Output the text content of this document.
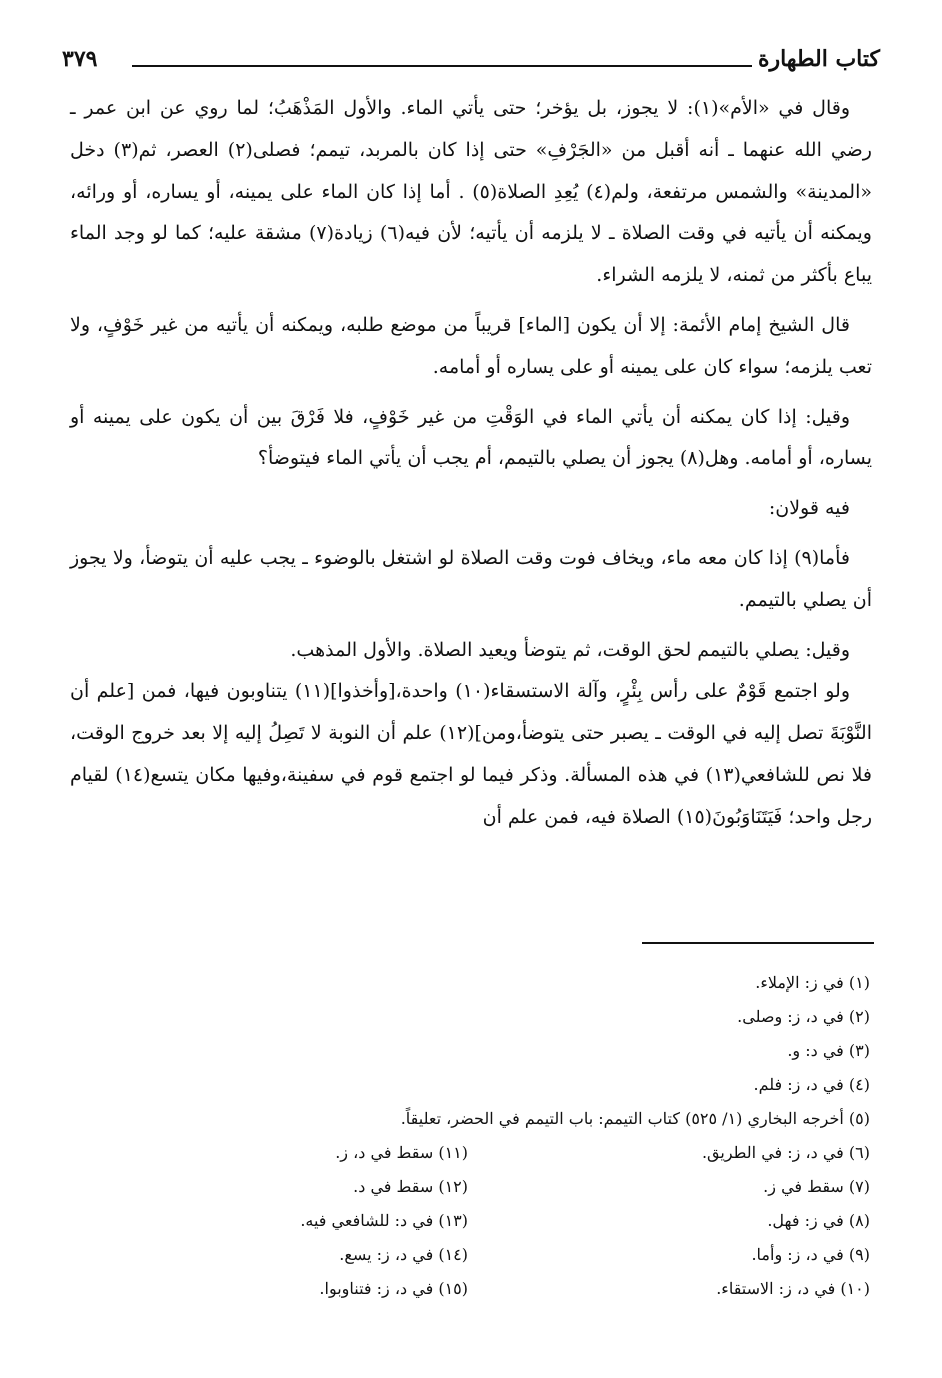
كتاب الطهارة
٣٧٩

وقال في «الأم»(١): لا يجوز، بل يؤخر؛ حتى يأتي الماء. والأول المَذْهَبُ؛ لما روي عن ابن عمر ـ رضي الله عنهما ـ أنه أقبل من «الجَرْفِ» حتى إذا كان بالمربد، تيمم؛ فصلى(٢) العصر، ثم(٣) دخل «المدينة» والشمس مرتفعة، ولم(٤) يُعِدِ الصلاة(٥) . أما إذا كان الماء على يمينه، أو يساره، أو ورائه، ويمكنه أن يأتيه في وقت الصلاة ـ لا يلزمه أن يأتيه؛ لأن فيه(٦) زيادة(٧) مشقة عليه؛ كما لو وجد الماء يباع بأكثر من ثمنه، لا يلزمه الشراء.

قال الشيخ إمام الأئمة: إلا أن يكون [الماء] قريباً من موضع طلبه، ويمكنه أن يأتيه من غير خَوْفٍ، ولا تعب يلزمه؛ سواء كان على يمينه أو على يساره أو أمامه.

وقيل: إذا كان يمكنه أن يأتي الماء في الوَقْتِ من غير خَوْفٍ، فلا فَرْقَ بين أن يكون على يمينه أو يساره، أو أمامه. وهل(٨) يجوز أن يصلي بالتيمم، أم يجب أن يأتي الماء فيتوضأ؟

فيه قولان:

فأما(٩) إذا كان معه ماء، ويخاف فوت وقت الصلاة لو اشتغل بالوضوء ـ يجب عليه أن يتوضأ، ولا يجوز أن يصلي بالتيمم.

وقيل: يصلي بالتيمم لحق الوقت، ثم يتوضأ ويعيد الصلاة. والأول المذهب.

ولو اجتمع قَوْمٌ على رأس بِئْرٍ، وآلة الاستسقاء(١٠) واحدة،[وأخذوا](١١) يتناوبون فيها، فمن [علم أن النَّوْبَةَ تصل إليه في الوقت ـ يصبر حتى يتوضأ،ومن](١٢) علم أن النوبة لا تَصِلُ إليه إلا بعد خروج الوقت، فلا نص للشافعي(١٣) في هذه المسألة. وذكر فيما لو اجتمع قوم في سفينة،وفيها مكان يتسع(١٤) لقيام رجل واحد؛ فَيَتَنَاوَبُونَ(١٥) الصلاة فيه، فمن علم أن

(١) في ز: الإملاء.

(٢) في د، ز: وصلى.

(٣) في د: و.

(٤) في د، ز: فلم.

(٥) أخرجه البخاري (١/ ٥٢٥) كتاب التيمم: باب التيمم في الحضر، تعليقاً.

(٦) في د، ز: في الطريق.

(٧) سقط في ز.

(٨) في ز: فهل.

(٩) في د، ز: وأما.

(١٠) في د، ز: الاستقاء.

(١١) سقط في د، ز.

(١٢) سقط في د.

(١٣) في د: للشافعي فيه.

(١٤) في د، ز: يسع.

(١٥) في د، ز: فتناوبوا.
